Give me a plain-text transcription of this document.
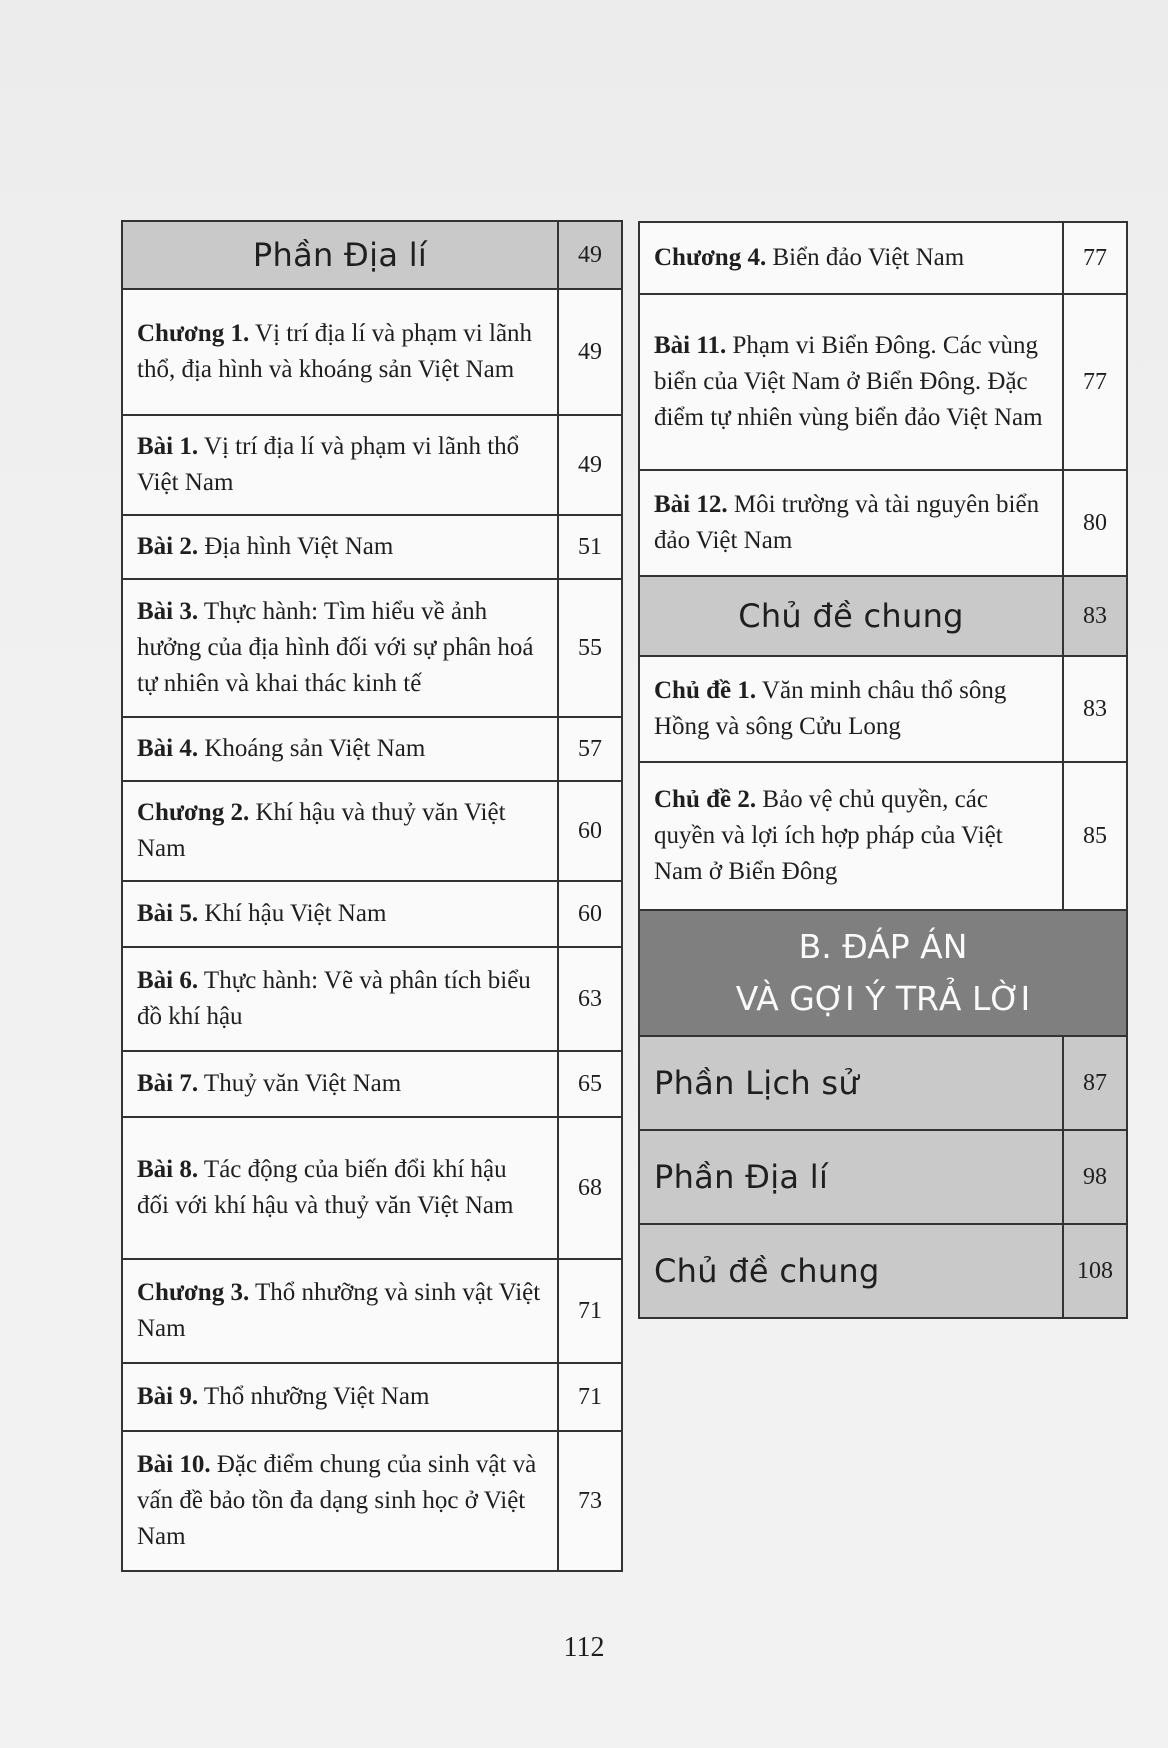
Phần Địa lí	49
Chương 1. Vị trí địa lí và phạm vi lãnh thổ, địa hình và khoáng sản Việt Nam	49
Bài 1. Vị trí địa lí và phạm vi lãnh thổ Việt Nam	49
Bài 2. Địa hình Việt Nam	51
Bài 3. Thực hành: Tìm hiểu về ảnh hưởng của địa hình đối với sự phân hoá tự nhiên và khai thác kinh tế	55
Bài 4. Khoáng sản Việt Nam	57
Chương 2. Khí hậu và thuỷ văn Việt Nam	60
Bài 5. Khí hậu Việt Nam	60
Bài 6. Thực hành: Vẽ và phân tích biểu đồ khí hậu	63
Bài 7. Thuỷ văn Việt Nam	65
Bài 8. Tác động của biến đổi khí hậu đối với khí hậu và thuỷ văn Việt Nam	68
Chương 3. Thổ nhưỡng và sinh vật Việt Nam	71
Bài 9. Thổ nhưỡng Việt Nam	71
Bài 10. Đặc điểm chung của sinh vật và vấn đề bảo tồn đa dạng sinh học ở Việt Nam	73
Chương 4. Biển đảo Việt Nam	77
Bài 11. Phạm vi Biển Đông. Các vùng biển của Việt Nam ở Biển Đông. Đặc điểm tự nhiên vùng biển đảo Việt Nam	77
Bài 12. Môi trường và tài nguyên biển đảo Việt Nam	80
Chủ đề chung	83
Chủ đề 1. Văn minh châu thổ sông Hồng và sông Cửu Long	83
Chủ đề 2. Bảo vệ chủ quyền, các quyền và lợi ích hợp pháp của Việt Nam ở Biển Đông	85

B. ĐÁP ÁN
VÀ GỢI Ý TRẢ LỜI	

Phần Lịch sử	87
Phần Địa lí	98
Chủ đề chung	108
112
